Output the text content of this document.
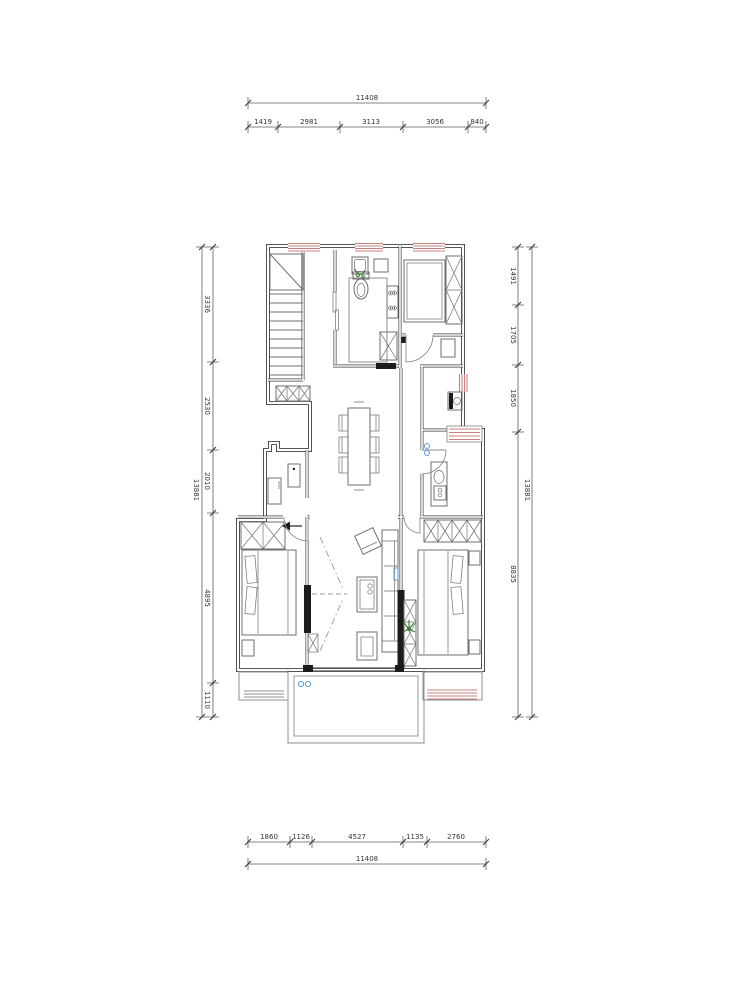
11408
1419	2981	3113	3056	840
1860 1126	4527	1135	2760
11408
3336
2530
2010
4895
1110
13881
1491
1705
1850
8835
13881
